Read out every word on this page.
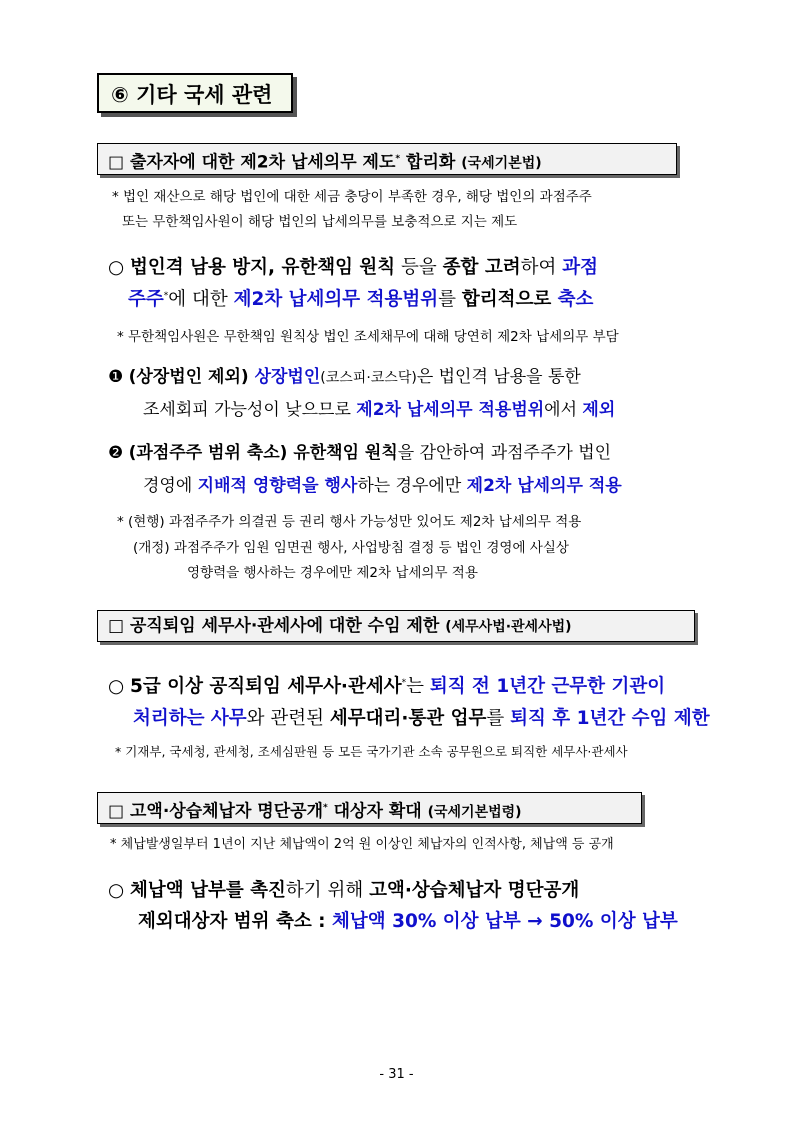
⑥ 기타 국세 관련
□ 출자자에 대한 제2차 납세의무 제도* 합리화 (국세기본법)
* 법인 재산으로 해당 법인에 대한 세금 충당이 부족한 경우, 해당 법인의 과점주주
또는 무한책임사원이 해당 법인의 납세의무를 보충적으로 지는 제도
○ 법인격 남용 방지, 유한책임 원칙 등을 종합 고려하여 과점
주주*에 대한 제2차 납세의무 적용범위를 합리적으로 축소
* 무한책임사원은 무한책임 원칙상 법인 조세채무에 대해 당연히 제2차 납세의무 부담
❶ (상장법인 제외) 상장법인(코스피·코스닥)은 법인격 남용을 통한
조세회피 가능성이 낮으므로 제2차 납세의무 적용범위에서 제외
❷ (과점주주 범위 축소) 유한책임 원칙을 감안하여 과점주주가 법인
경영에 지배적 영향력을 행사하는 경우에만 제2차 납세의무 적용
* (현행) 과점주주가 의결권 등 권리 행사 가능성만 있어도 제2차 납세의무 적용
(개정) 과점주주가 임원 임면권 행사, 사업방침 결정 등 법인 경영에 사실상
영향력을 행사하는 경우에만 제2차 납세의무 적용
□ 공직퇴임 세무사·관세사에 대한 수임 제한 (세무사법·관세사법)
○ 5급 이상 공직퇴임 세무사·관세사*는 퇴직 전 1년간 근무한 기관이
처리하는 사무와 관련된 세무대리·통관 업무를 퇴직 후 1년간 수임 제한
* 기재부, 국세청, 관세청, 조세심판원 등 모든 국가기관 소속 공무원으로 퇴직한 세무사·관세사
□ 고액·상습체납자 명단공개* 대상자 확대 (국세기본법령)
* 체납발생일부터 1년이 지난 체납액이 2억 원 이상인 체납자의 인적사항, 체납액 등 공개
○ 체납액 납부를 촉진하기 위해 고액·상습체납자 명단공개
제외대상자 범위 축소 : 체납액 30% 이상 납부 → 50% 이상 납부
- 31 -
